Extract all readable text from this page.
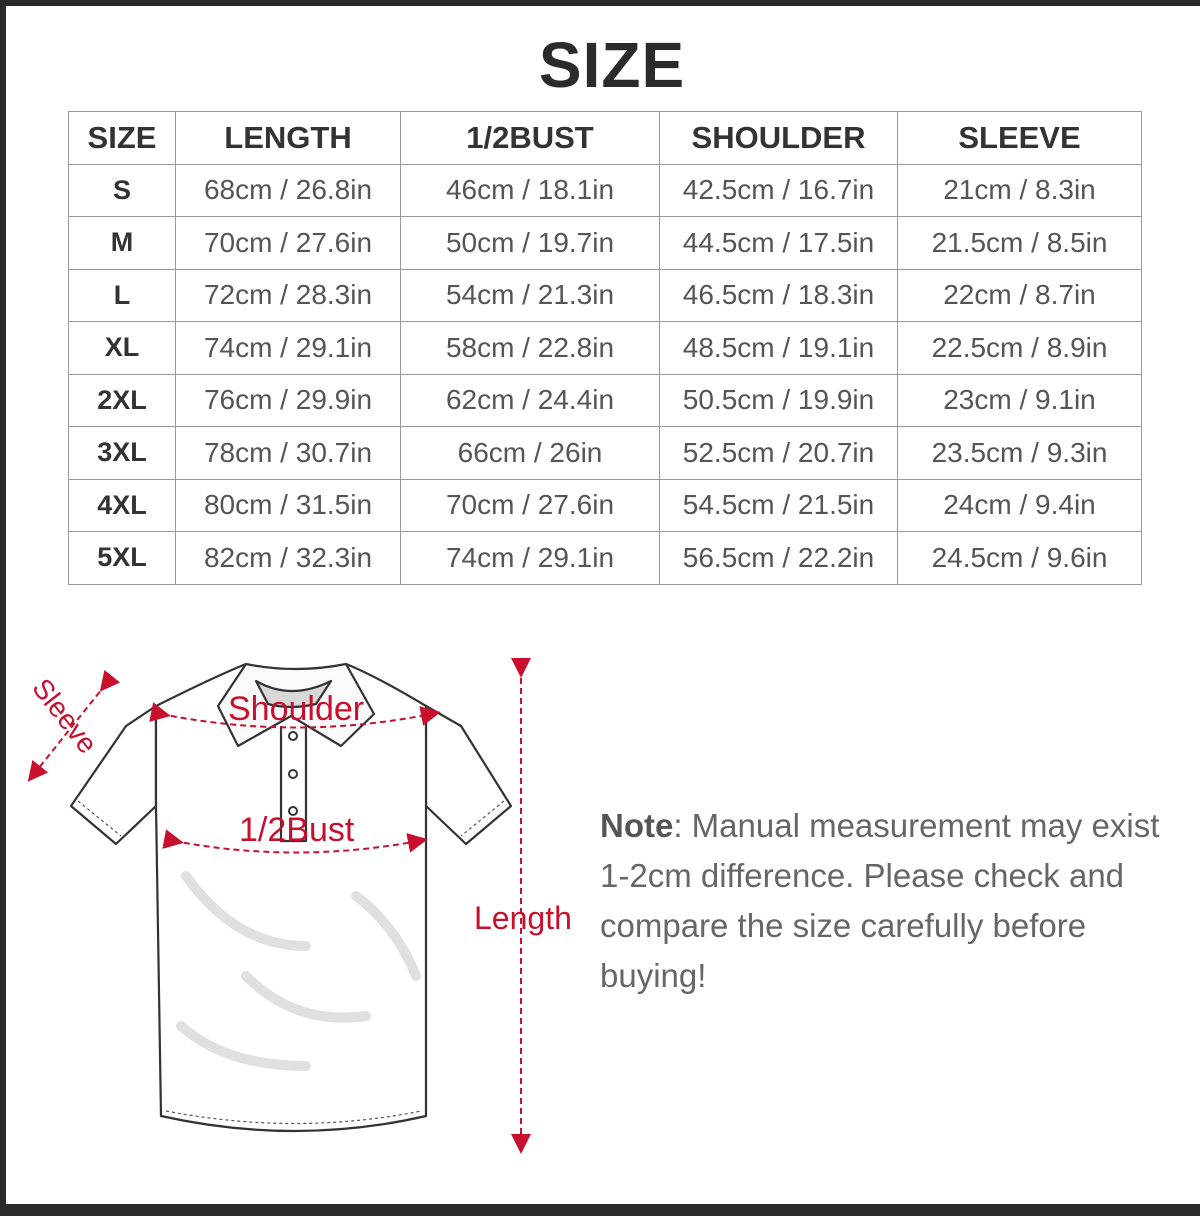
SIZE
SIZE	LENGTH	1/2BUST	SHOULDER	SLEEVE
S	68cm / 26.8in	46cm / 18.1in	42.5cm / 16.7in	21cm / 8.3in
M	70cm / 27.6in	50cm / 19.7in	44.5cm / 17.5in	21.5cm / 8.5in
L	72cm / 28.3in	54cm / 21.3in	46.5cm / 18.3in	22cm / 8.7in
XL	74cm / 29.1in	58cm / 22.8in	48.5cm / 19.1in	22.5cm / 8.9in
2XL	76cm / 29.9in	62cm / 24.4in	50.5cm / 19.9in	23cm / 9.1in
3XL	78cm / 30.7in	66cm / 26in	52.5cm / 20.7in	23.5cm / 9.3in
4XL	80cm / 31.5in	70cm / 27.6in	54.5cm / 21.5in	24cm / 9.4in
5XL	82cm / 32.3in	74cm / 29.1in	56.5cm / 22.2in	24.5cm / 9.6in
Shoulder
1/2Bust
Length
Sleeve
Note: Manual measurement may exist 1-2cm difference. Please check and compare the size carefully before buying!
